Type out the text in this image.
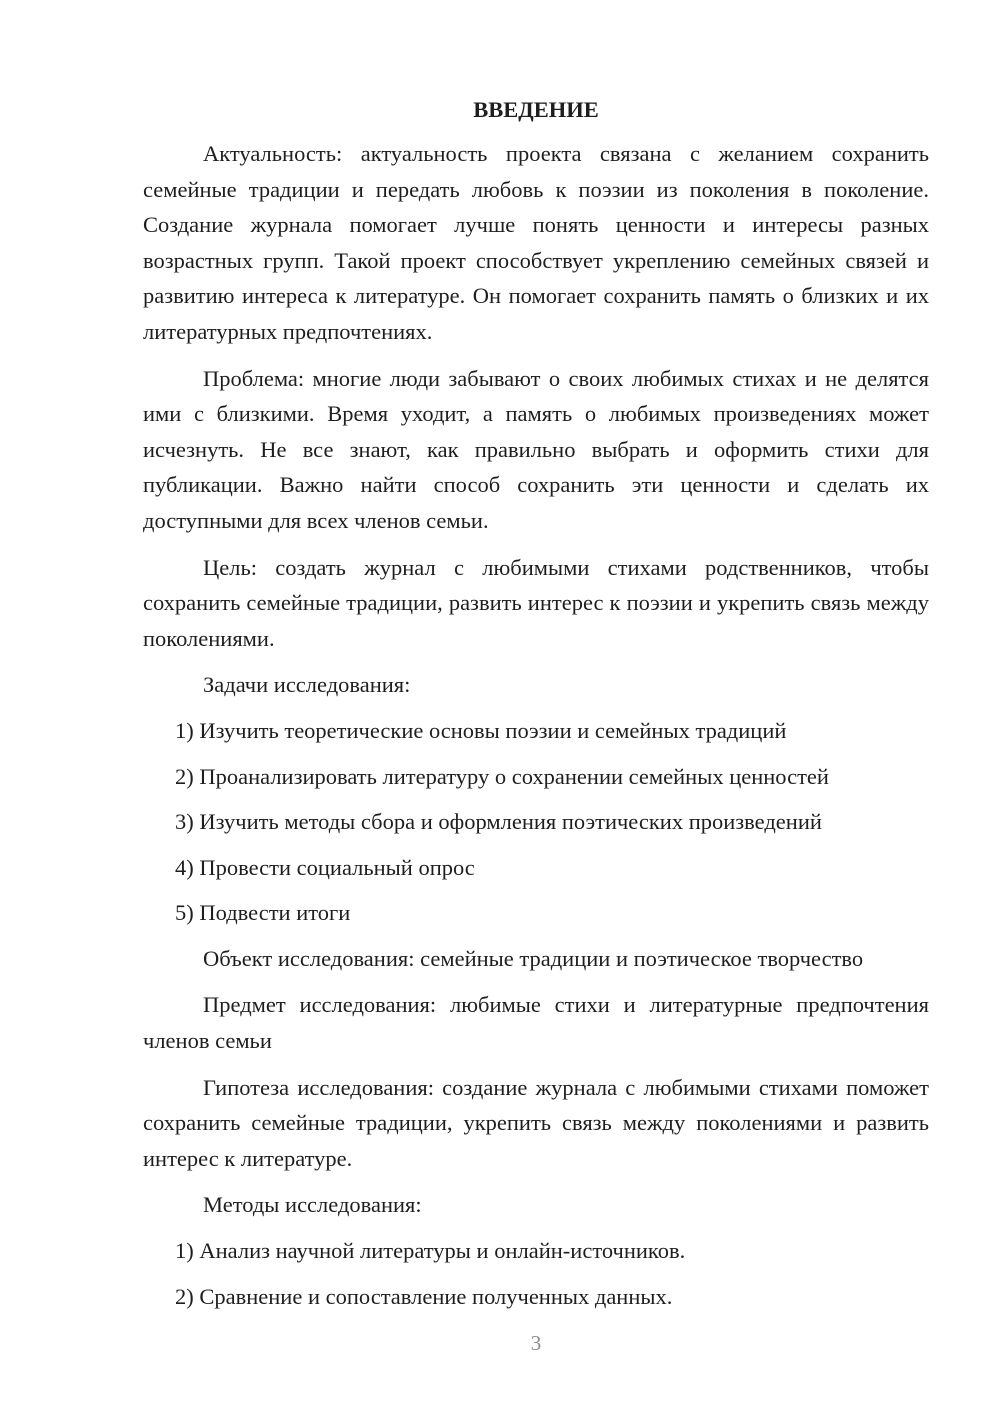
ВВЕДЕНИЕ

Актуальность: актуальность проекта связана с желанием сохранить семейные традиции и передать любовь к поэзии из поколения в поколение. Создание журнала помогает лучше понять ценности и интересы разных возрастных групп. Такой проект способствует укреплению семейных связей и развитию интереса к литературе. Он помогает сохранить память о близких и их литературных предпочтениях.

Проблема: многие люди забывают о своих любимых стихах и не делятся ими с близкими. Время уходит, а память о любимых произведениях может исчезнуть. Не все знают, как правильно выбрать и оформить стихи для публикации. Важно найти способ сохранить эти ценности и сделать их доступными для всех членов семьи.

Цель: создать журнал с любимыми стихами родственников, чтобы сохранить семейные традиции, развить интерес к поэзии и укрепить связь между поколениями.

Задачи исследования:
1) Изучить теоретические основы поэзии и семейных традиций
2) Проанализировать литературу о сохранении семейных ценностей
3) Изучить методы сбора и оформления поэтических произведений
4) Провести социальный опрос
5) Подвести итоги

Объект исследования: семейные традиции и поэтическое творчество

Предмет исследования: любимые стихи и литературные предпочтения членов семьи

Гипотеза исследования: создание журнала с любимыми стихами поможет сохранить семейные традиции, укрепить связь между поколениями и развить интерес к литературе.

Методы исследования:
1) Анализ научной литературы и онлайн-источников.
2) Сравнение и сопоставление полученных данных.
3
